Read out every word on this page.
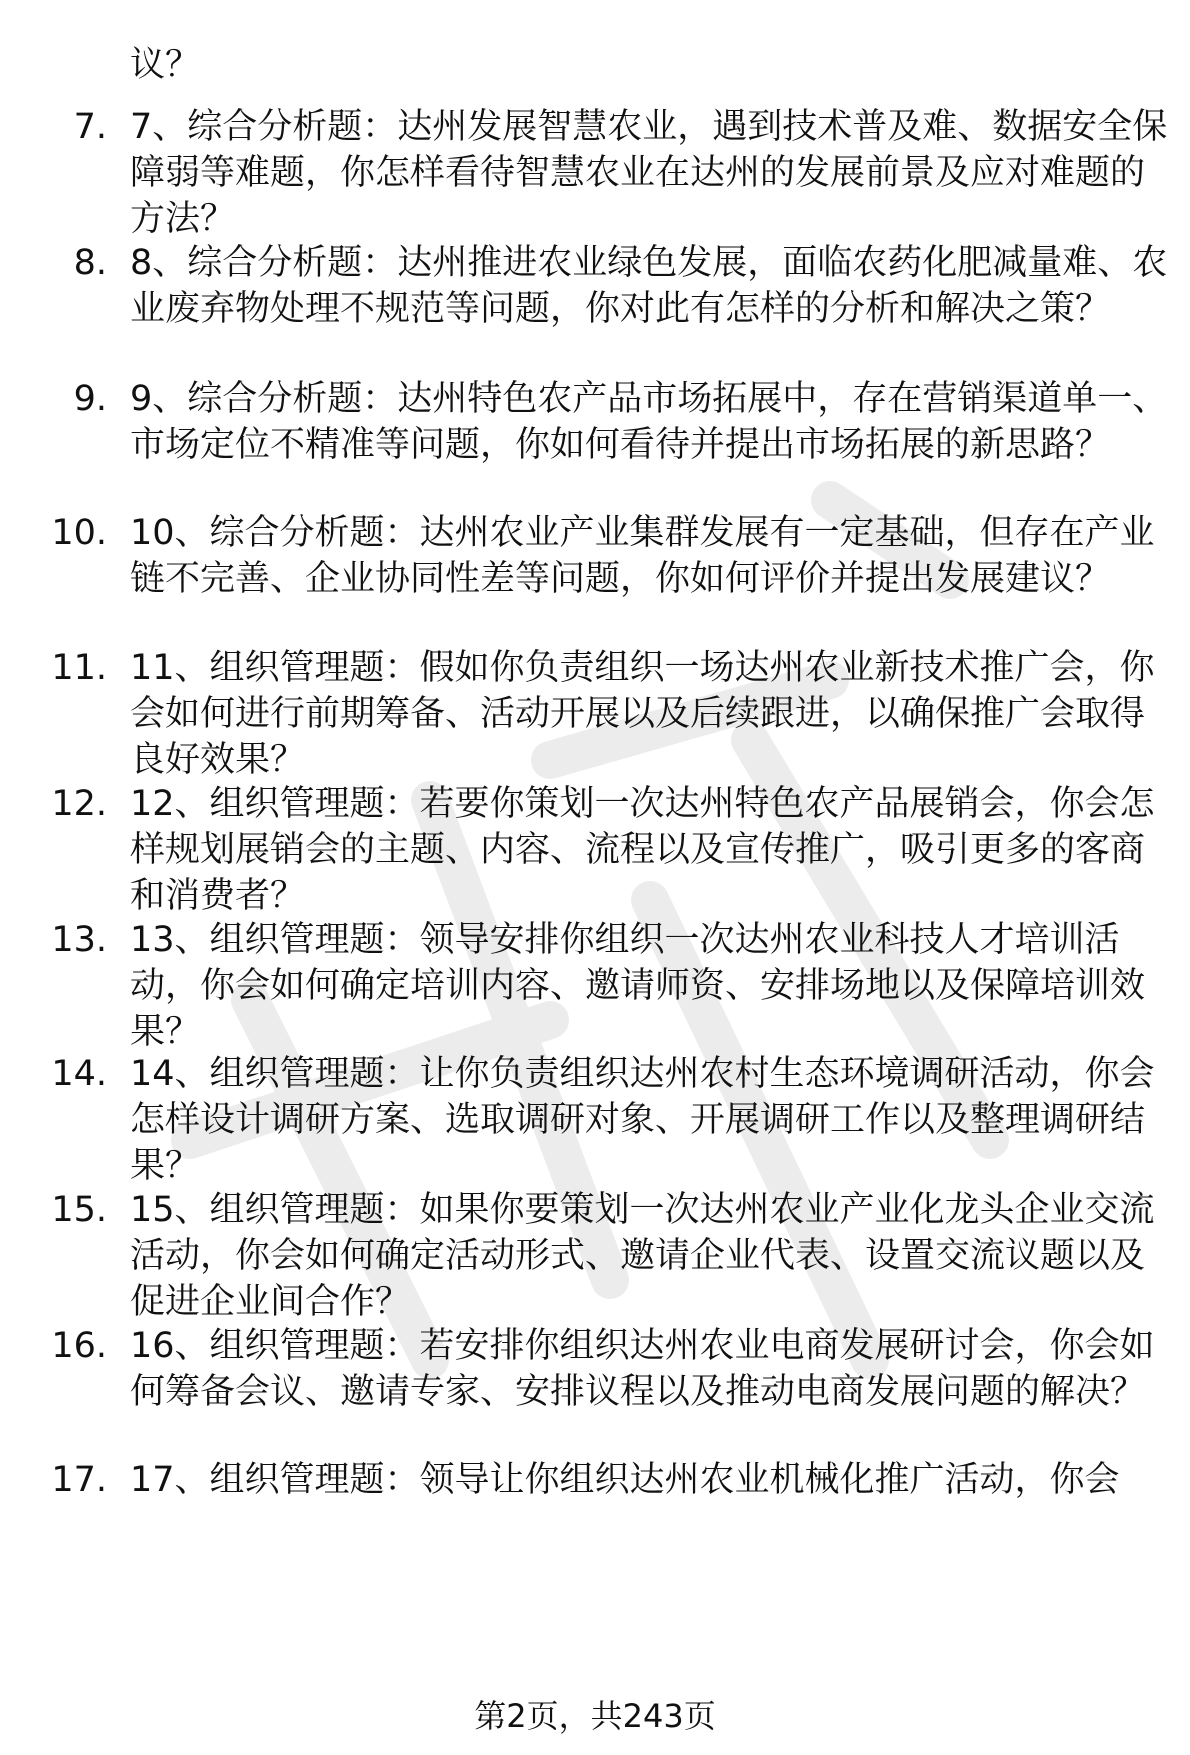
议？
7. 7、综合分析题：达州发展智慧农业，遇到技术普及难、数据安全保障弱等难题，你怎样看待智慧农业在达州的发展前景及应对难题的方法？
8. 8、综合分析题：达州推进农业绿色发展，面临农药化肥减量难、农业废弃物处理不规范等问题，你对此有怎样的分析和解决之策？
9. 9、综合分析题：达州特色农产品市场拓展中，存在营销渠道单一、市场定位不精准等问题，你如何看待并提出市场拓展的新思路？
10. 10、综合分析题：达州农业产业集群发展有一定基础，但存在产业链不完善、企业协同性差等问题，你如何评价并提出发展建议？
11. 11、组织管理题：假如你负责组织一场达州农业新技术推广会，你会如何进行前期筹备、活动开展以及后续跟进，以确保推广会取得良好效果？
12. 12、组织管理题：若要你策划一次达州特色农产品展销会，你会怎样规划展销会的主题、内容、流程以及宣传推广，吸引更多的客商和消费者？
13. 13、组织管理题：领导安排你组织一次达州农业科技人才培训活动，你会如何确定培训内容、邀请师资、安排场地以及保障培训效果？
14. 14、组织管理题：让你负责组织达州农村生态环境调研活动，你会怎样设计调研方案、选取调研对象、开展调研工作以及整理调研结果？
15. 15、组织管理题：如果你要策划一次达州农业产业化龙头企业交流活动，你会如何确定活动形式、邀请企业代表、设置交流议题以及促进企业间合作？
16. 16、组织管理题：若安排你组织达州农业电商发展研讨会，你会如何筹备会议、邀请专家、安排议程以及推动电商发展问题的解决？
17. 17、组织管理题：领导让你组织达州农业机械化推广活动，你会
第2页，共243页
